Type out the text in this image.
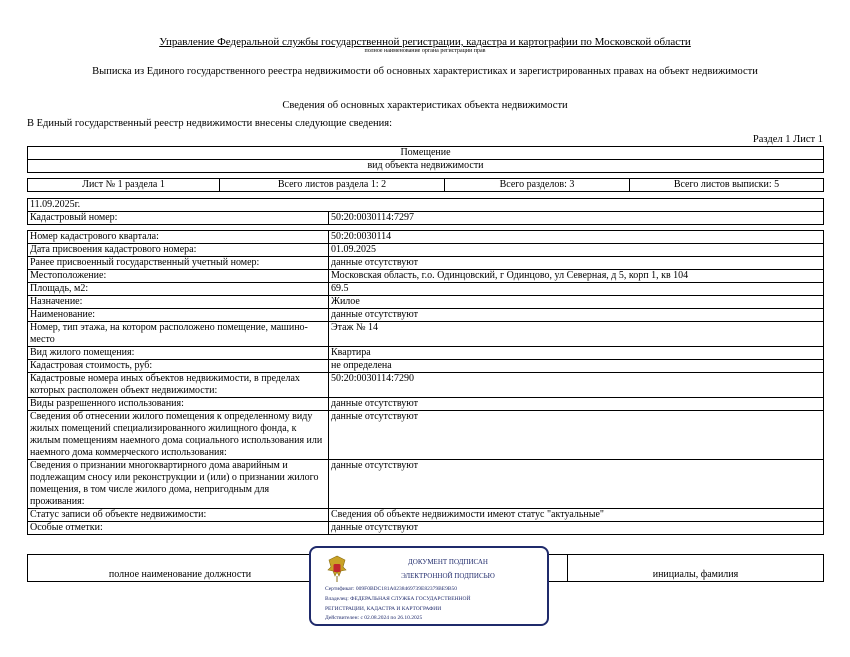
Управление Федеральной службы государственной регистрации, кадастра и картографии по Московской области
полное наименование органа регистрации прав
Выписка из Единого государственного реестра недвижимости об основных характеристиках и зарегистрированных правах на объект недвижимости
Сведения об основных характеристиках объекта недвижимости
В Единый государственный реестр недвижимости внесены следующие сведения:
Раздел 1 Лист 1
Помещение
вид объекта недвижимости
Лист № 1 раздела 1	Всего листов раздела 1: 2	Всего разделов: 3	Всего листов выписки: 5
11.09.2025г.
Кадастровый номер:	50:20:0030114:7297
Номер кадастрового квартала:	50:20:0030114
Дата присвоения кадастрового номера:	01.09.2025
Ранее присвоенный государственный учетный номер:	данные отсутствуют
Местоположение:	Московская область, г.о. Одинцовский, г Одинцово, ул Северная, д 5, корп 1, кв 104
Площадь, м2:	69.5
Назначение:	Жилое
Наименование:	данные отсутствуют
Номер, тип этажа, на котором расположено помещение, машино-место	Этаж № 14
Вид жилого помещения:	Квартира
Кадастровая стоимость, руб:	не определена
Кадастровые номера иных объектов недвижимости, в пределах которых расположен объект недвижимости:	50:20:0030114:7290
Виды разрешенного использования:	данные отсутствуют
Сведения об отнесении жилого помещения к определенному виду жилых помещений специализированного жилищного фонда, к жилым помещениям наемного дома социального использования или наемного дома коммерческого использования:	данные отсутствуют
Сведения о признании многоквартирного дома аварийным и подлежащим сносу или реконструкции и (или) о признании жилого помещения, в том числе жилого дома, непригодным для проживания:	данные отсутствуют
Статус записи об объекте недвижимости:	Сведения об объекте недвижимости имеют статус "актуальные"
Особые отметки:	данные отсутствуют
полное наименование должности		инициалы, фамилия
ДОКУМЕНТ ПОДПИСАН
ЭЛЕКТРОННОЙ ПОДПИСЬЮ
Сертификат: 009F0BDC181A0238469739E82379BE9B50
Владелец: ФЕДЕРАЛЬНАЯ СЛУЖБА ГОСУДАРСТВЕННОЙ
РЕГИСТРАЦИИ, КАДАСТРА И КАРТОГРАФИИ
Действителен: с 02.08.2024 по 26.10.2025
